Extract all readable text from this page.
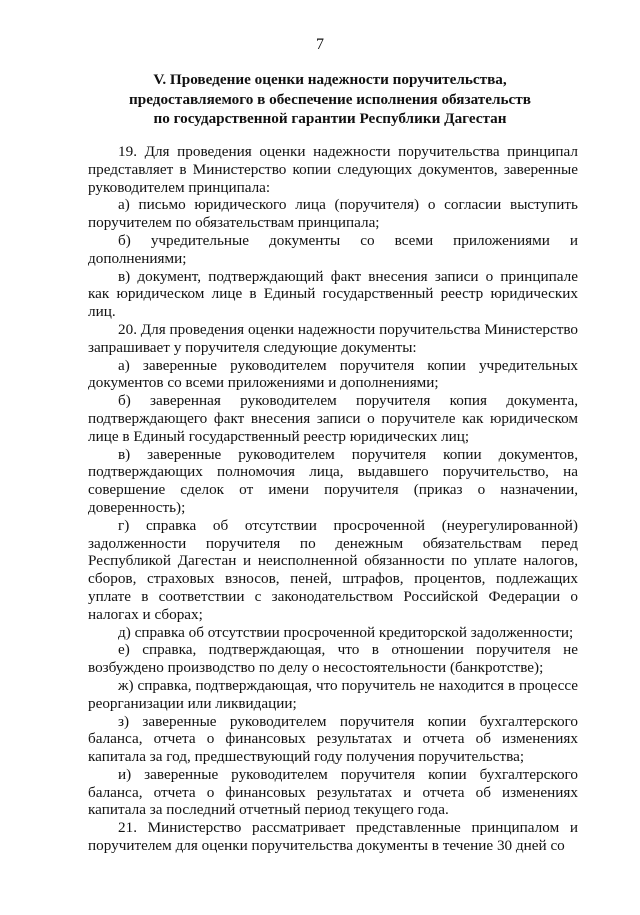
7
V. Проведение оценки надежности поручительства,
предоставляемого в обеспечение исполнения обязательств
по государственной гарантии Республики Дагестан

19. Для проведения оценки надежности поручительства принципал представляет в Министерство копии следующих документов, заверенные руководителем принципала:

а) письмо юридического лица (поручителя) о согласии выступить поручителем по обязательствам принципала;

б) учредительные документы со всеми приложениями и дополнениями;

в) документ, подтверждающий факт внесения записи о принципале как юридическом лице в Единый государственный реестр юридических лиц.

20. Для проведения оценки надежности поручительства Министерство запрашивает у поручителя следующие документы:

а) заверенные руководителем поручителя копии учредительных документов со всеми приложениями и дополнениями;

б) заверенная руководителем поручителя копия документа, подтверждающего факт внесения записи о поручителе как юридическом лице в Единый государственный реестр юридических лиц;

в) заверенные руководителем поручителя копии документов, подтверждающих полномочия лица, выдавшего поручительство, на совершение сделок от имени поручителя (приказ о назначении, доверенность);

г) справка об отсутствии просроченной (неурегулированной) задолженности поручителя по денежным обязательствам перед Республикой Дагестан и неисполненной обязанности по уплате налогов, сборов, страховых взносов, пеней, штрафов, процентов, подлежащих уплате в соответствии с законодательством Российской Федерации о налогах и сборах;

д) справка об отсутствии просроченной кредиторской задолженности;

е) справка, подтверждающая, что в отношении поручителя не возбуждено производство по делу о несостоятельности (банкротстве);

ж) справка, подтверждающая, что поручитель не находится в процессе реорганизации или ликвидации;

з) заверенные руководителем поручителя копии бухгалтерского баланса, отчета о финансовых результатах и отчета об изменениях капитала за год, предшествующий году получения поручительства;

и) заверенные руководителем поручителя копии бухгалтерского баланса, отчета о финансовых результатах и отчета об изменениях капитала за последний отчетный период текущего года.

21. Министерство рассматривает представленные принципалом и поручителем для оценки поручительства документы в течение 30 дней со
